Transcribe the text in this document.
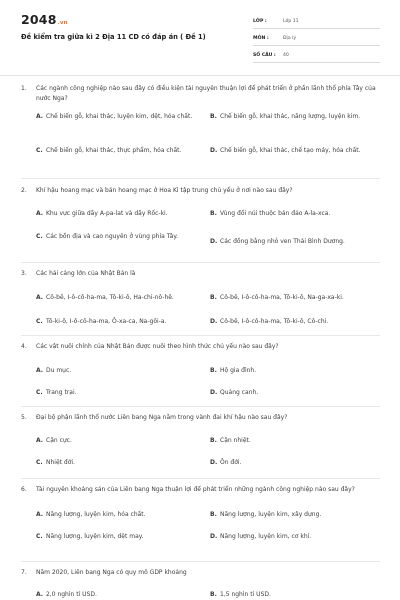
2048.vn
Đề kiểm tra giữa kì 2 Địa 11 CD có đáp án ( Đề 1)
LỚP :	Lớp 11
MÔN :	Địa lý
SỐ CÂU :	40
1.	Các ngành công nghiệp nào sau đây có điều kiện tài nguyên thuận lợi để phát triển ở phần lãnh thổ phía Tây của nước Nga?
A. Chế biến gỗ, khai thác, luyện kim, dệt, hóa chất.	B. Chế biến gỗ, khai thác, năng lượng, luyện kim.
C. Chế biến gỗ, khai thác, thực phẩm, hóa chất.	D. Chế biến gỗ, khai thác, chế tạo máy, hóa chất.
2.	Khí hậu hoang mạc và bán hoang mạc ở Hoa Kì tập trung chủ yếu ở nơi nào sau đây?
A. Khu vực giữa dãy A-pa-lat và dãy Rốc-ki.	B. Vùng đồi núi thuộc bán đảo A-la-xca.
C. Các bồn địa và cao nguyên ở vùng phía Tây.
D. Các đồng bằng nhỏ ven Thái Bình Dương.
3.	Các hải cảng lớn của Nhật Bản là
A. Cô-bê, I-ô-cô-ha-ma, Tô-ki-ô, Ha-chi-nô-hê.	B. Cô-bê, I-ô-cô-ha-ma, Tô-ki-ô, Na-ga-xa-ki.
C. Tô-ki-ô, I-ô-cô-ha-ma, Ô-xa-ca, Na-gôi-a.	D. Cô-bê, I-ô-cô-ha-ma, Tô-ki-ô, Cô-chi.
4.	Các vật nuôi chính của Nhật Bản được nuôi theo hình thức chủ yếu nào sau đây?
A. Du mục.	B. Hộ gia đình.
C. Trang trại.	D. Quảng canh.
5.	Đại bộ phận lãnh thổ nước Liên bang Nga nằm trong vành đai khí hậu nào sau đây?
A. Cận cực.	B. Cận nhiệt.
C. Nhiệt đới.	D. Ôn đới.
6.	Tài nguyên khoáng sản của Liên bang Nga thuận lợi để phát triển những ngành công nghiệp nào sau đây?
A. Năng lượng, luyện kim, hóa chất.	B. Năng lượng, luyện kim, xây dựng.
C. Năng lượng, luyện kim, dệt may.	D. Năng lượng, luyện kim, cơ khí.
7.	Năm 2020, Liên bang Nga có quy mô GDP khoảng
A. 2,0 nghìn tỉ USD.	B. 1,5 nghìn tỉ USD.
